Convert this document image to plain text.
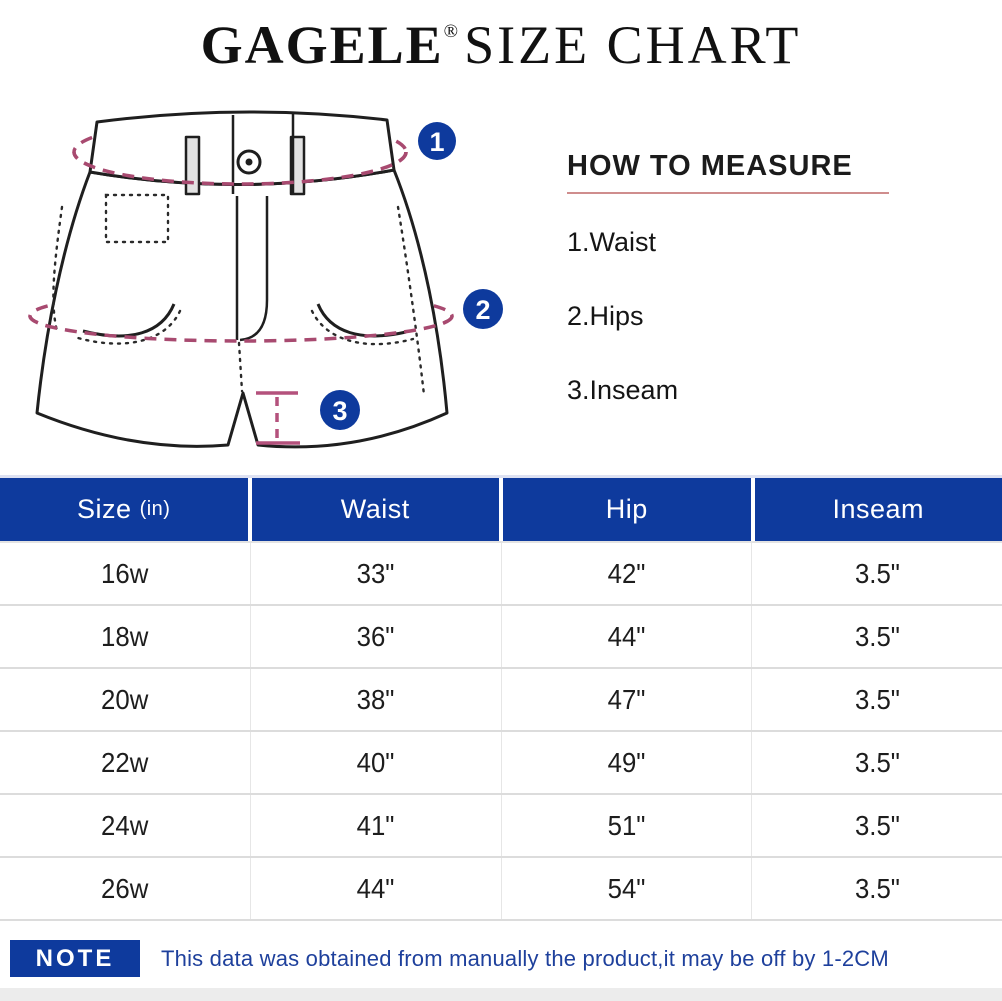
GAGELE® SIZE CHART
1
2
3
HOW TO MEASURE
1.Waist
2.Hips
3.Inseam
Size (in)	Waist	Hip	Inseam
16w	33"	42"	3.5"
18w	36"	44"	3.5"
20w	38"	47"	3.5"
22w	40"	49"	3.5"
24w	41"	51"	3.5"
26w	44"	54"	3.5"
NOTE	This data was obtained from manually the product,it may be off by 1-2CM
